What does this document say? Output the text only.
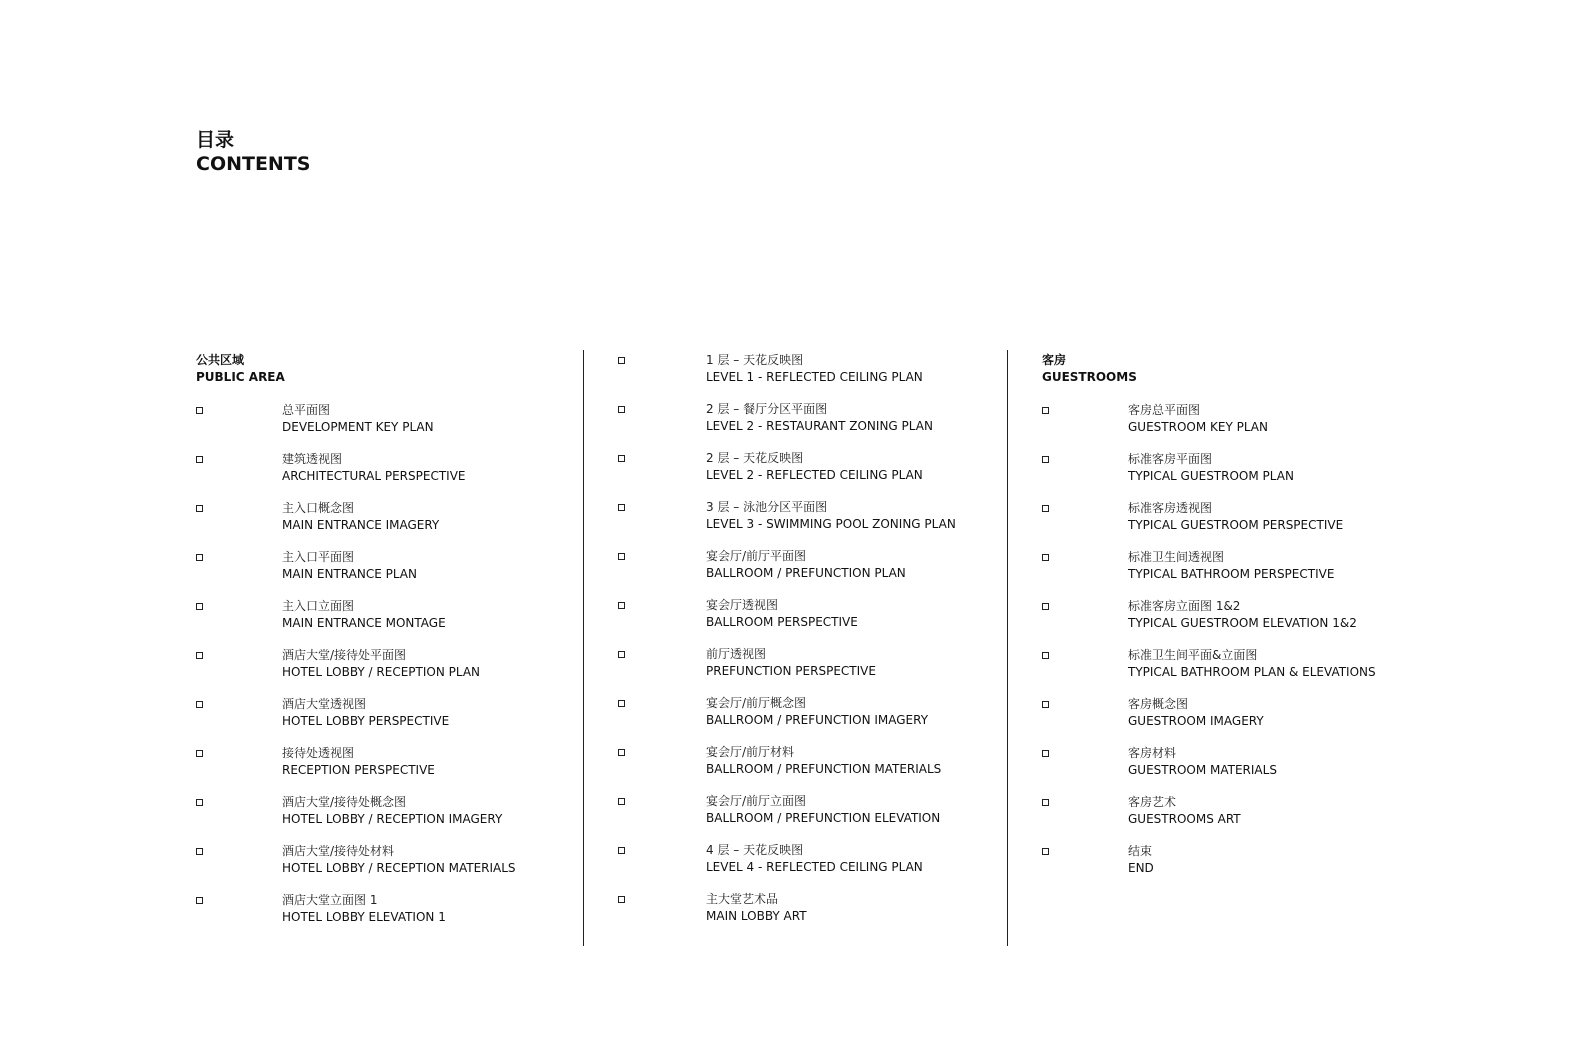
目录
CONTENTS
公共区域
PUBLIC AREA
总平面图
DEVELOPMENT KEY PLAN
建筑透视图
ARCHITECTURAL PERSPECTIVE
主入口概念图
MAIN ENTRANCE IMAGERY
主入口平面图
MAIN ENTRANCE PLAN
主入口立面图
MAIN ENTRANCE MONTAGE
酒店大堂/接待处平面图
HOTEL LOBBY / RECEPTION PLAN
酒店大堂透视图
HOTEL LOBBY PERSPECTIVE
接待处透视图
RECEPTION PERSPECTIVE
酒店大堂/接待处概念图
HOTEL LOBBY / RECEPTION IMAGERY
酒店大堂/接待处材料
HOTEL LOBBY / RECEPTION MATERIALS
酒店大堂立面图 1
HOTEL LOBBY ELEVATION 1
1 层 – 天花反映图
LEVEL 1 - REFLECTED CEILING PLAN
2 层 – 餐厅分区平面图
LEVEL 2 - RESTAURANT ZONING PLAN
2 层 – 天花反映图
LEVEL 2 - REFLECTED CEILING PLAN
3 层 – 泳池分区平面图
LEVEL 3 - SWIMMING POOL ZONING PLAN
宴会厅/前厅平面图
BALLROOM / PREFUNCTION PLAN
宴会厅透视图
BALLROOM PERSPECTIVE
前厅透视图
PREFUNCTION PERSPECTIVE
宴会厅/前厅概念图
BALLROOM / PREFUNCTION IMAGERY
宴会厅/前厅材料
BALLROOM / PREFUNCTION MATERIALS
宴会厅/前厅立面图
BALLROOM / PREFUNCTION ELEVATION
4 层 – 天花反映图
LEVEL 4 - REFLECTED CEILING PLAN
主大堂艺术品
MAIN LOBBY ART
客房
GUESTROOMS
客房总平面图
GUESTROOM KEY PLAN
标准客房平面图
TYPICAL GUESTROOM PLAN
标准客房透视图
TYPICAL GUESTROOM PERSPECTIVE
标准卫生间透视图
TYPICAL BATHROOM PERSPECTIVE
标准客房立面图 1&2
TYPICAL GUESTROOM ELEVATION 1&2
标准卫生间平面&立面图
TYPICAL BATHROOM PLAN & ELEVATIONS
客房概念图
GUESTROOM IMAGERY
客房材料
GUESTROOM MATERIALS
客房艺术
GUESTROOMS ART
结束
END
